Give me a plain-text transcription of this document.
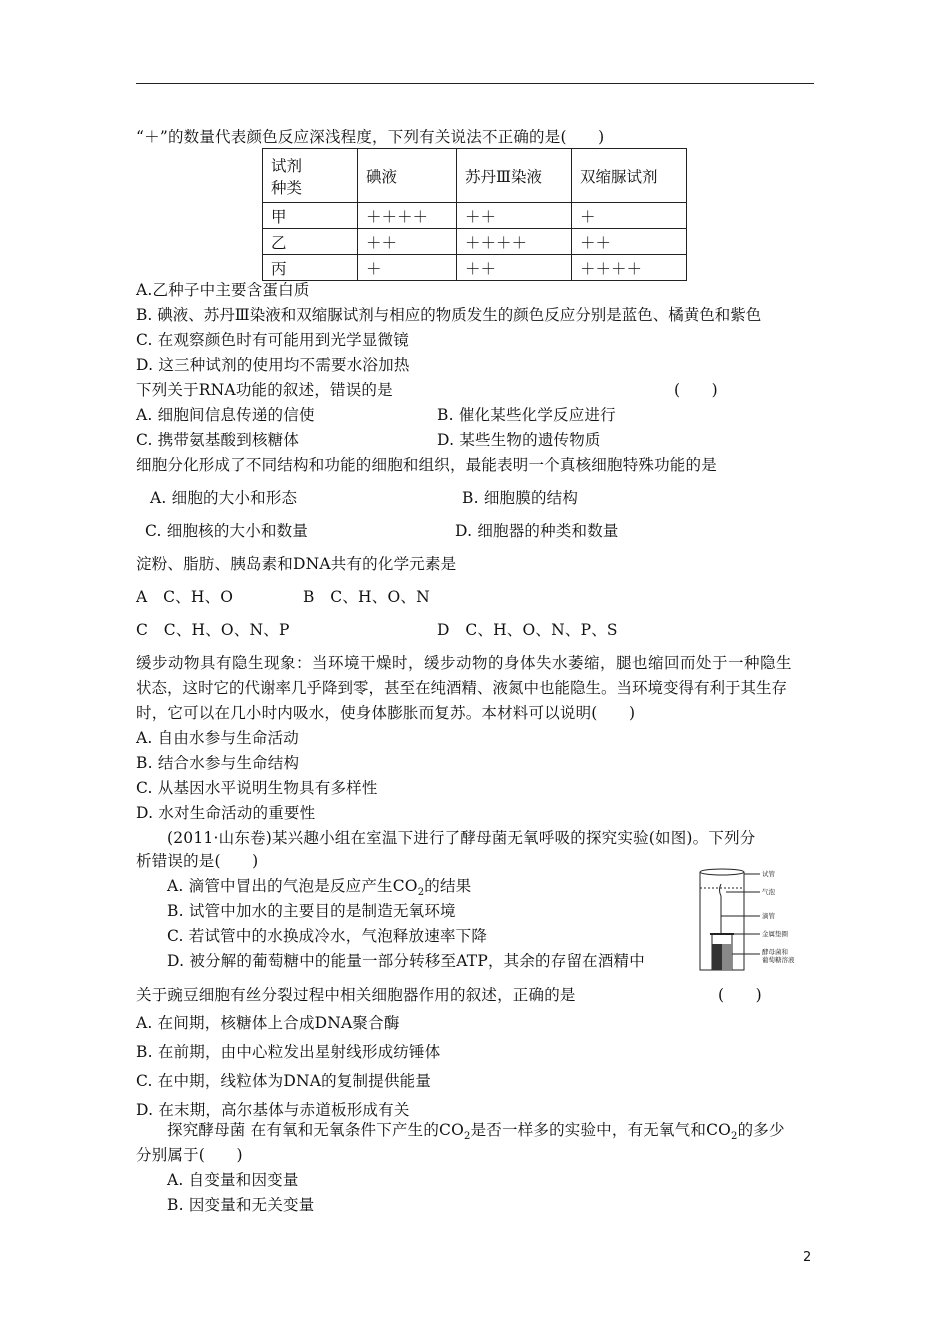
“＋”的数量代表颜色反应深浅程度，下列有关说法不正确的是(　　)
试剂
种类	碘液	苏丹Ⅲ染液	双缩脲试剂
甲	＋＋＋＋	＋＋	＋
乙	＋＋	＋＋＋＋	＋＋
丙	＋	＋＋	＋＋＋＋
A.乙种子中主要含蛋白质
B. 碘液、苏丹Ⅲ染液和双缩脲试剂与相应的物质发生的颜色反应分别是蓝色、橘黄色和紫色
C. 在观察颜色时有可能用到光学显微镜
D. 这三种试剂的使用均不需要水浴加热
下列关于RNA功能的叙述，错误的是	(　　)
A. 细胞间信息传递的信使	B. 催化某些化学反应进行
C. 携带氨基酸到核糖体	D. 某些生物的遗传物质
细胞分化形成了不同结构和功能的细胞和组织，最能表明一个真核细胞特殊功能的是
A. 细胞的大小和形态	B. 细胞膜的结构
C. 细胞核的大小和数量	D. 细胞器的种类和数量
淀粉、脂肪、胰岛素和DNA共有的化学元素是
A　C、H、O	B　C、H、O、N
C　C、H、O、N、P	D　C、H、O、N、P、S
缓步动物具有隐生现象：当环境干燥时，缓步动物的身体失水萎缩，腿也缩回而处于一种隐生
状态，这时它的代谢率几乎降到零，甚至在纯酒精、液氮中也能隐生。当环境变得有利于其生存
时，它可以在几小时内吸水，使身体膨胀而复苏。本材料可以说明(　　)
A. 自由水参与生命活动
B. 结合水参与生命结构
C. 从基因水平说明生物具有多样性
D. 水对生命活动的重要性
(2011·山东卷)某兴趣小组在室温下进行了酵母菌无氧呼吸的探究实验(如图)。下列分
析错误的是(　　)
A. 滴管中冒出的气泡是反应产生$CO_2$的结果
B. 试管中加水的主要目的是制造无氧环境
C. 若试管中的水换成冷水，气泡释放速率下降
D. 被分解的葡萄糖中的能量一部分转移至ATP，其余的存留在酒精中
试管
气泡
滴管
金属垫圈
酵母菌和
葡萄糖溶液
关于豌豆细胞有丝分裂过程中相关细胞器作用的叙述，正确的是	(　　)
A. 在间期，核糖体上合成DNA聚合酶
B. 在前期，由中心粒发出星射线形成纺锤体
C. 在中期，线粒体为DNA的复制提供能量
D. 在末期，高尔基体与赤道板形成有关
探究酵母菌 在有氧和无氧条件下产生的$CO_2$是否一样多的实验中，有无氧气和$CO_2$的多少
分别属于(　　)
A. 自变量和因变量
B. 因变量和无关变量
2
